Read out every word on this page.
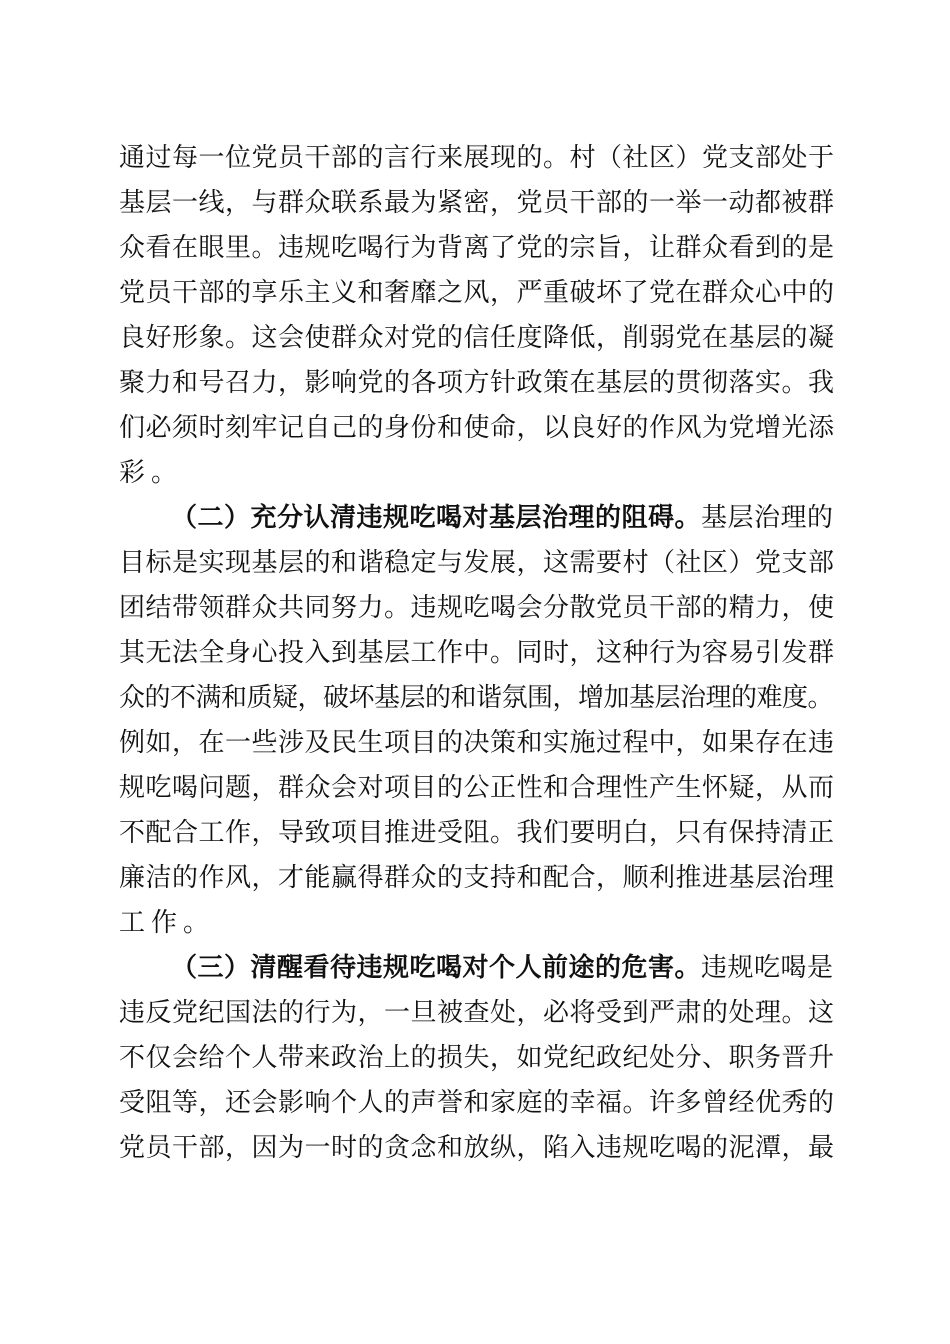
通过每一位党员干部的言行来展现的。村（社区）党支部处于
基层一线，与群众联系最为紧密，党员干部的一举一动都被群
众看在眼里。违规吃喝行为背离了党的宗旨，让群众看到的是
党员干部的享乐主义和奢靡之风，严重破坏了党在群众心中的
良好形象。这会使群众对党的信任度降低，削弱党在基层的凝
聚力和号召力，影响党的各项方针政策在基层的贯彻落实。我
们必须时刻牢记自己的身份和使命，以良好的作风为党增光添
彩。
（二）充分认清违规吃喝对基层治理的阻碍。基层治理的
目标是实现基层的和谐稳定与发展，这需要村（社区）党支部
团结带领群众共同努力。违规吃喝会分散党员干部的精力，使
其无法全身心投入到基层工作中。同时，这种行为容易引发群
众的不满和质疑，破坏基层的和谐氛围，增加基层治理的难度。
例如，在一些涉及民生项目的决策和实施过程中，如果存在违
规吃喝问题，群众会对项目的公正性和合理性产生怀疑，从而
不配合工作，导致项目推进受阻。我们要明白，只有保持清正
廉洁的作风，才能赢得群众的支持和配合，顺利推进基层治理
工作。
（三）清醒看待违规吃喝对个人前途的危害。违规吃喝是
违反党纪国法的行为，一旦被查处，必将受到严肃的处理。这
不仅会给个人带来政治上的损失，如党纪政纪处分、职务晋升
受阻等，还会影响个人的声誉和家庭的幸福。许多曾经优秀的
党员干部，因为一时的贪念和放纵，陷入违规吃喝的泥潭，最
